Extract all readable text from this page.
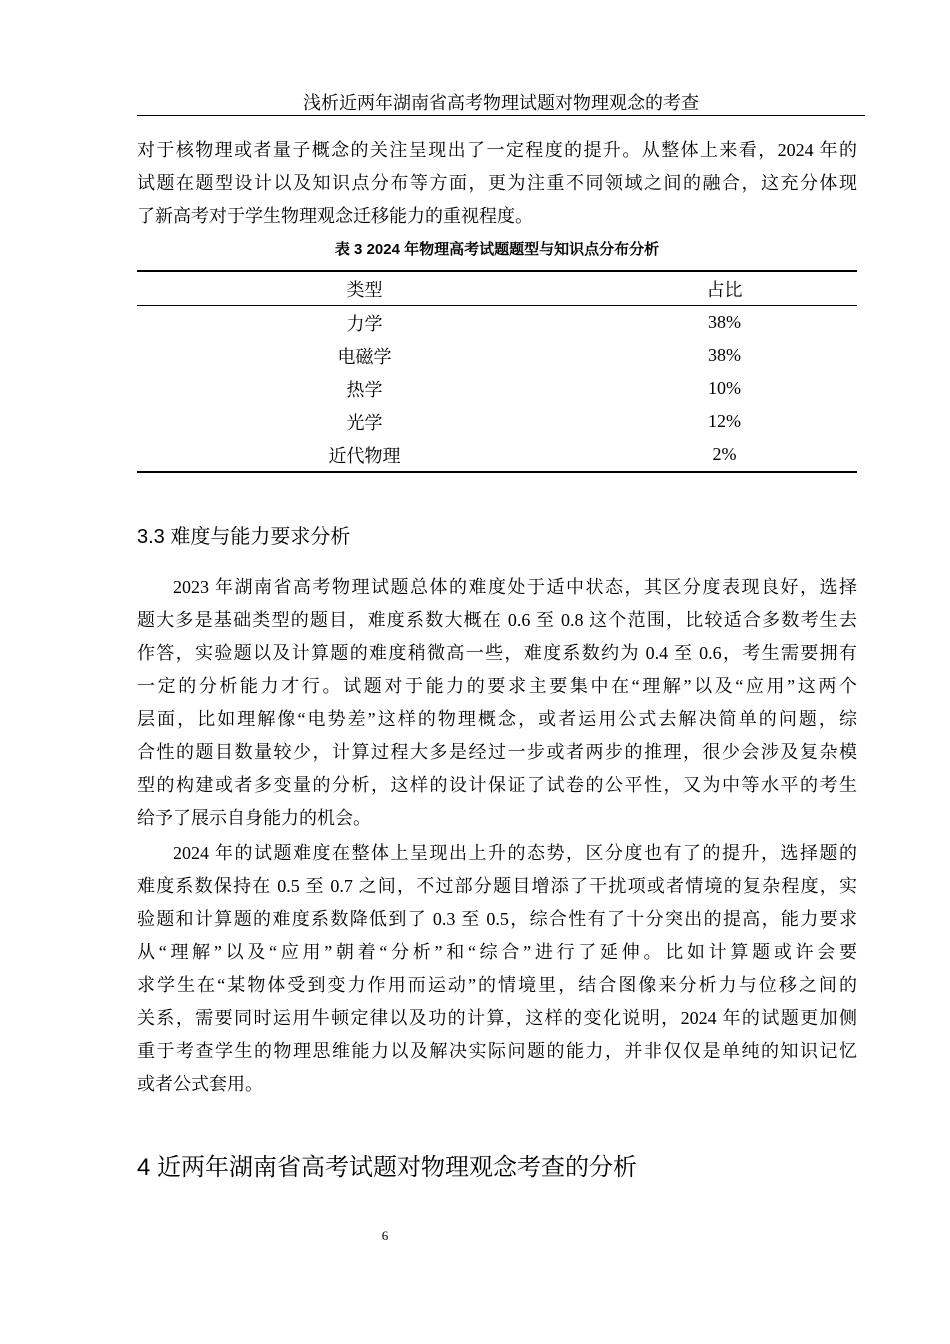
浅析近两年湖南省高考物理试题对物理观念的考查
对于核物理或者量子概念的关注呈现出了一定程度的提升。从整体上来看，2024 年的
试题在题型设计以及知识点分布等方面，更为注重不同领域之间的融合，这充分体现
了新高考对于学生物理观念迁移能力的重视程度。
表 3 2024 年物理高考试题题型与知识点分布分析
类型	占比
力学	38%
电磁学	38%
热学	10%
光学	12%
近代物理	2%
3.3 难度与能力要求分析
2023 年湖南省高考物理试题总体的难度处于适中状态，其区分度表现良好，选择
题大多是基础类型的题目，难度系数大概在 0.6 至 0.8 这个范围，比较适合多数考生去
作答，实验题以及计算题的难度稍微高一些，难度系数约为 0.4 至 0.6，考生需要拥有
一定的分析能力才行。试题对于能力的要求主要集中在“理解”以及“应用”这两个
层面，比如理解像“电势差”这样的物理概念，或者运用公式去解决简单的问题，综
合性的题目数量较少，计算过程大多是经过一步或者两步的推理，很少会涉及复杂模
型的构建或者多变量的分析，这样的设计保证了试卷的公平性，又为中等水平的考生
给予了展示自身能力的机会。
2024 年的试题难度在整体上呈现出上升的态势，区分度也有了的提升，选择题的
难度系数保持在 0.5 至 0.7 之间，不过部分题目增添了干扰项或者情境的复杂程度，实
验题和计算题的难度系数降低到了 0.3 至 0.5，综合性有了十分突出的提高，能力要求
从“理解”以及“应用”朝着“分析”和“综合”进行了延伸。比如计算题或许会要
求学生在“某物体受到变力作用而运动”的情境里，结合图像来分析力与位移之间的
关系，需要同时运用牛顿定律以及功的计算，这样的变化说明，2024 年的试题更加侧
重于考查学生的物理思维能力以及解决实际问题的能力，并非仅仅是单纯的知识记忆
或者公式套用。
4 近两年湖南省高考试题对物理观念考查的分析
6
